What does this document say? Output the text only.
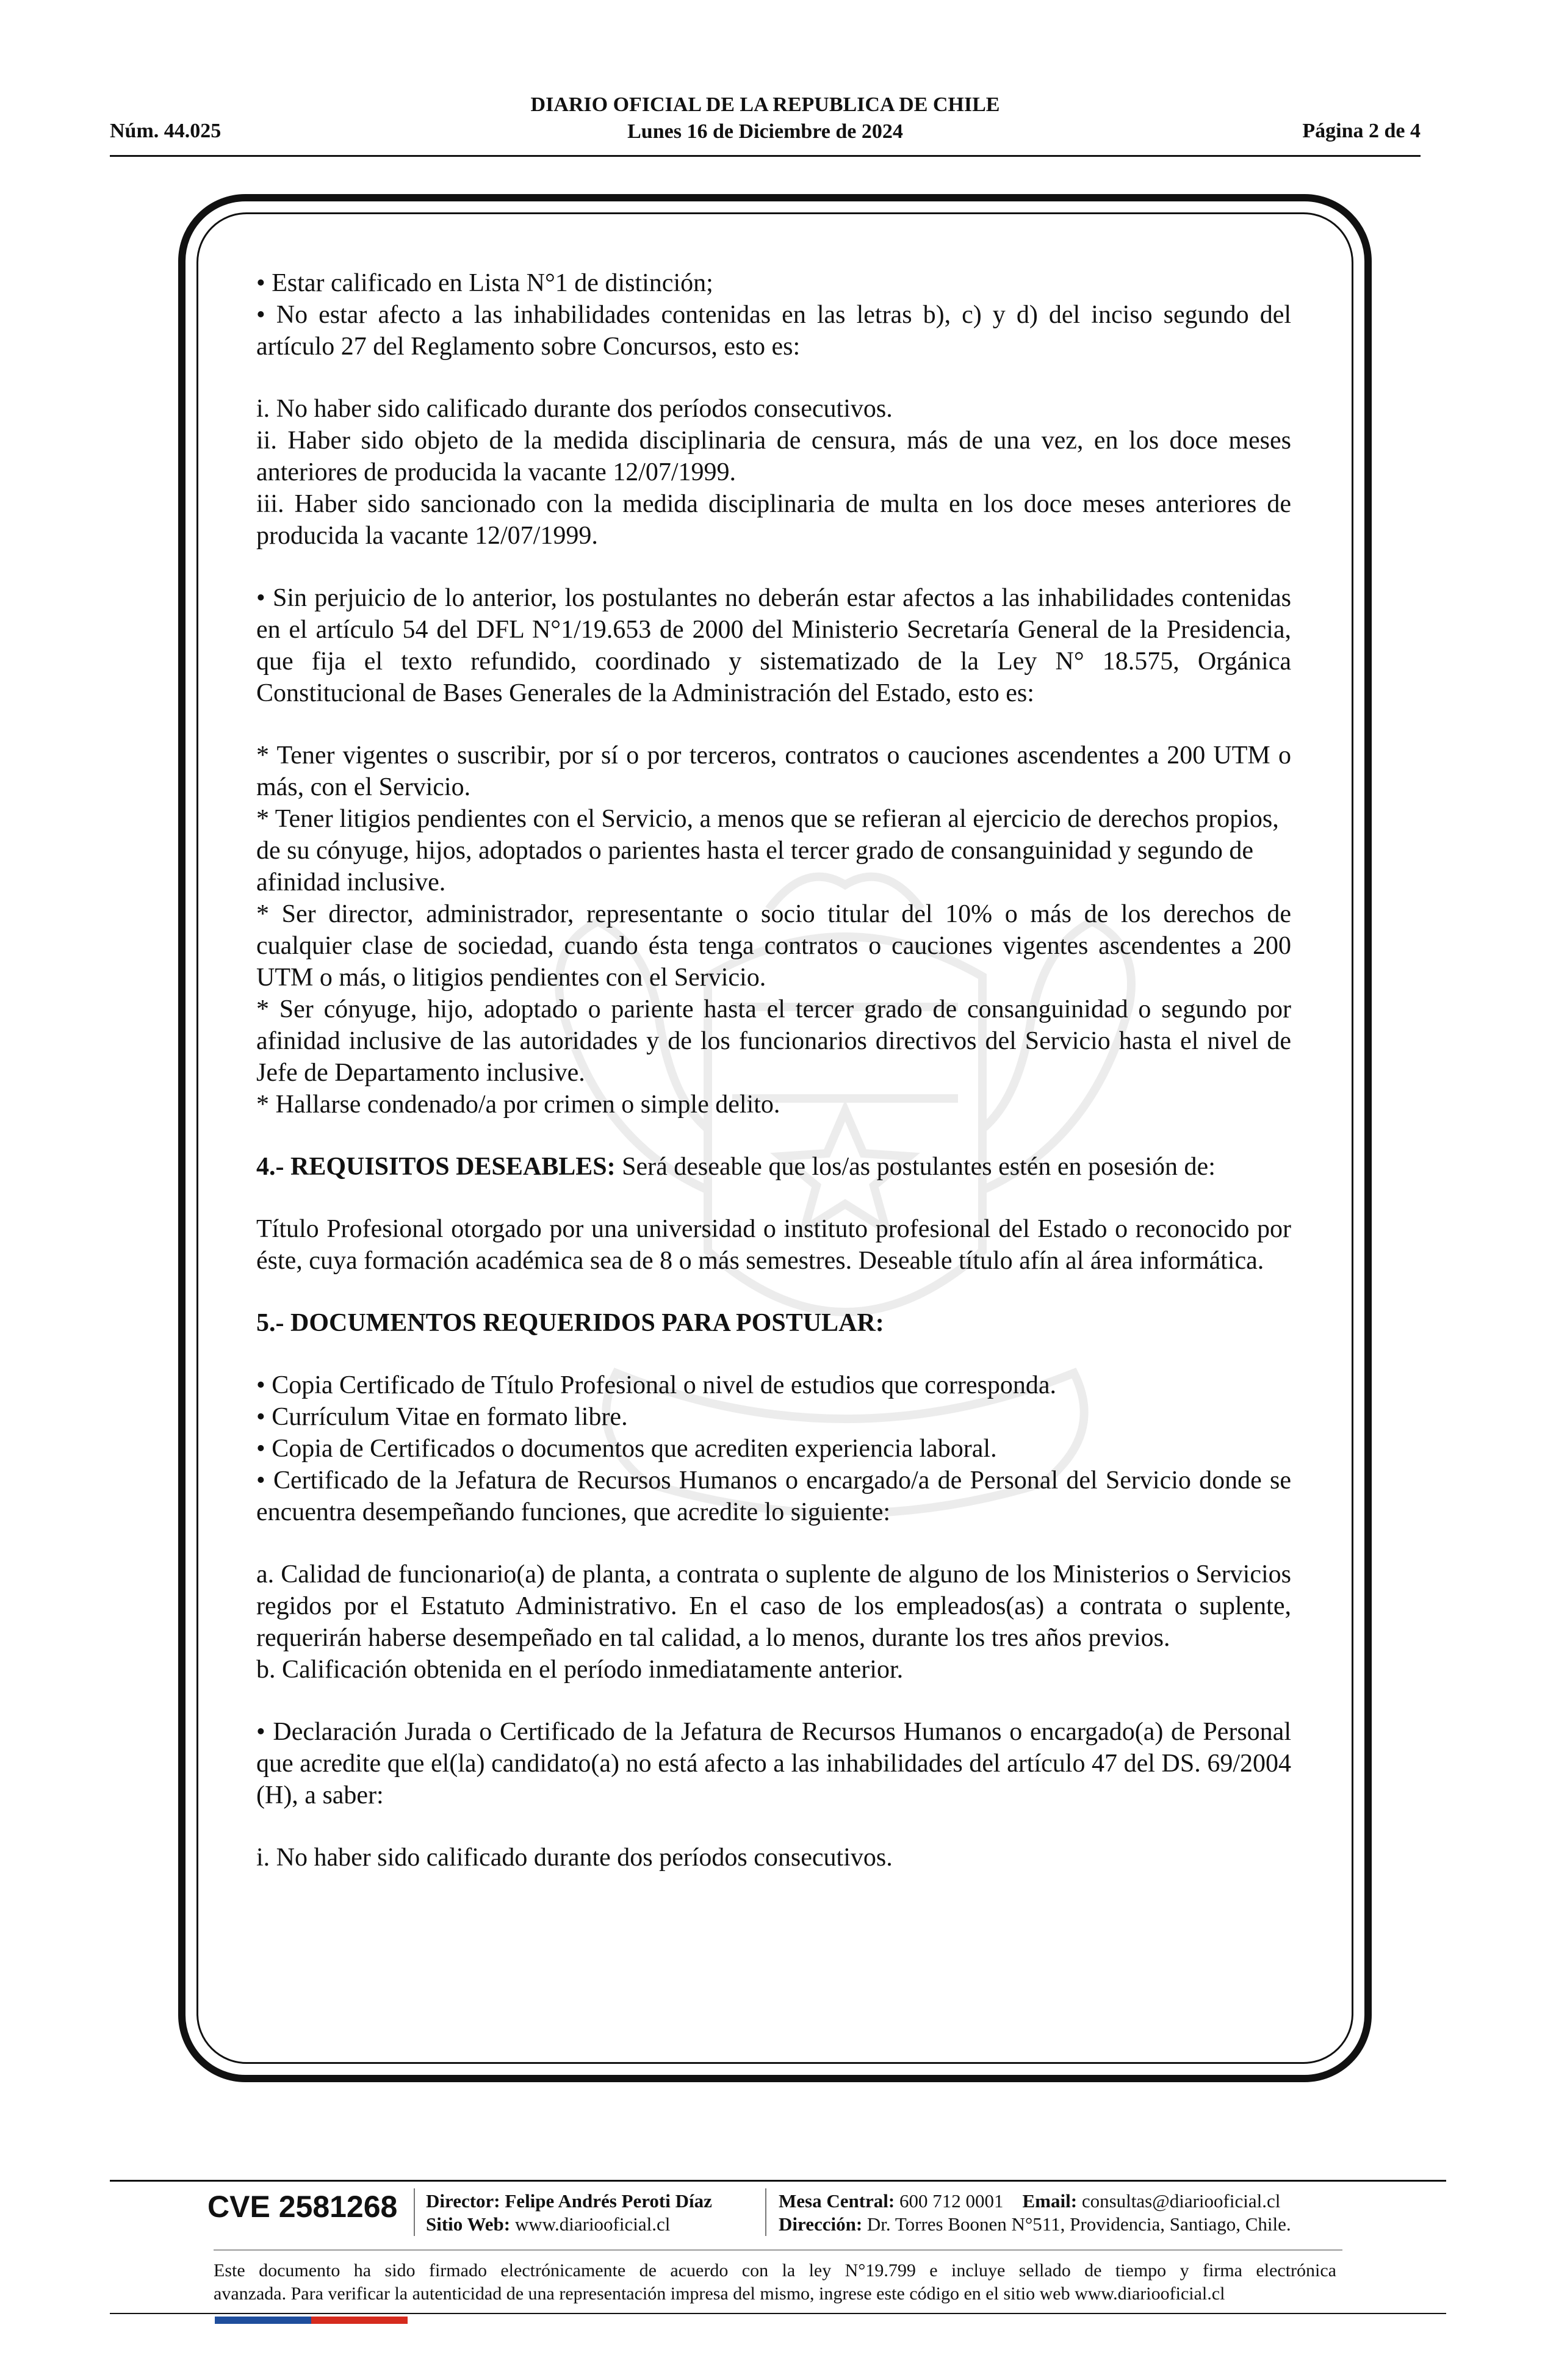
DIARIO OFICIAL DE LA REPUBLICA DE CHILE
Lunes 16 de Diciembre de 2024
Núm. 44.025	Página 2 de 4

• Estar calificado en Lista N°1 de distinción;

• No estar afecto a las inhabilidades contenidas en las letras b), c) y d) del inciso segundo del artículo 27 del Reglamento sobre Concursos, esto es:

i. No haber sido calificado durante dos períodos consecutivos.

ii. Haber sido objeto de la medida disciplinaria de censura, más de una vez, en los doce meses anteriores de producida la vacante 12/07/1999.

iii. Haber sido sancionado con la medida disciplinaria de multa en los doce meses anteriores de producida la vacante 12/07/1999.

• Sin perjuicio de lo anterior, los postulantes no deberán estar afectos a las inhabilidades contenidas en el artículo 54 del DFL N°1/19.653 de 2000 del Ministerio Secretaría General de la Presidencia, que fija el texto refundido, coordinado y sistematizado de la Ley N° 18.575, Orgánica Constitucional de Bases Generales de la Administración del Estado, esto es:

* Tener vigentes o suscribir, por sí o por terceros, contratos o cauciones ascendentes a 200 UTM o más, con el Servicio.

* Tener litigios pendientes con el Servicio, a menos que se refieran al ejercicio de derechos propios, de su cónyuge, hijos, adoptados o parientes hasta el tercer grado de consanguinidad y segundo de afinidad inclusive.

* Ser director, administrador, representante o socio titular del 10% o más de los derechos de cualquier clase de sociedad, cuando ésta tenga contratos o cauciones vigentes ascendentes a 200 UTM o más, o litigios pendientes con el Servicio.

* Ser cónyuge, hijo, adoptado o pariente hasta el tercer grado de consanguinidad o segundo por afinidad inclusive de las autoridades y de los funcionarios directivos del Servicio hasta el nivel de Jefe de Departamento inclusive.

* Hallarse condenado/a por crimen o simple delito.

4.- REQUISITOS DESEABLES: Será deseable que los/as postulantes estén en posesión de:

Título Profesional otorgado por una universidad o instituto profesional del Estado o reconocido por éste, cuya formación académica sea de 8 o más semestres. Deseable título afín al área informática.

5.- DOCUMENTOS REQUERIDOS PARA POSTULAR:

• Copia Certificado de Título Profesional o nivel de estudios que corresponda.

• Currículum Vitae en formato libre.

• Copia de Certificados o documentos que acrediten experiencia laboral.

• Certificado de la Jefatura de Recursos Humanos o encargado/a de Personal del Servicio donde se encuentra desempeñando funciones, que acredite lo siguiente:

a. Calidad de funcionario(a) de planta, a contrata o suplente de alguno de los Ministerios o Servicios regidos por el Estatuto Administrativo. En el caso de los empleados(as) a contrata o suplente, requerirán haberse desempeñado en tal calidad, a lo menos, durante los tres años previos.

b. Calificación obtenida en el período inmediatamente anterior.

• Declaración Jurada o Certificado de la Jefatura de Recursos Humanos o encargado(a) de Personal que acredite que el(la) candidato(a) no está afecto a las inhabilidades del artículo 47 del DS. 69/2004 (H), a saber:

i. No haber sido calificado durante dos períodos consecutivos.

CVE 2581268 Director: Felipe Andrés Peroti Díaz
Sitio Web: www.diariooficial.cl
Mesa Central: 600 712 0001 Email: consultas@diariooficial.cl
Dirección: Dr. Torres Boonen N°511, Providencia, Santiago, Chile.
Este documento ha sido firmado electrónicamente de acuerdo con la ley N°19.799 e incluye sellado de tiempo y firma electrónica
avanzada. Para verificar la autenticidad de una representación impresa del mismo, ingrese este código en el sitio web www.diariooficial.cl
